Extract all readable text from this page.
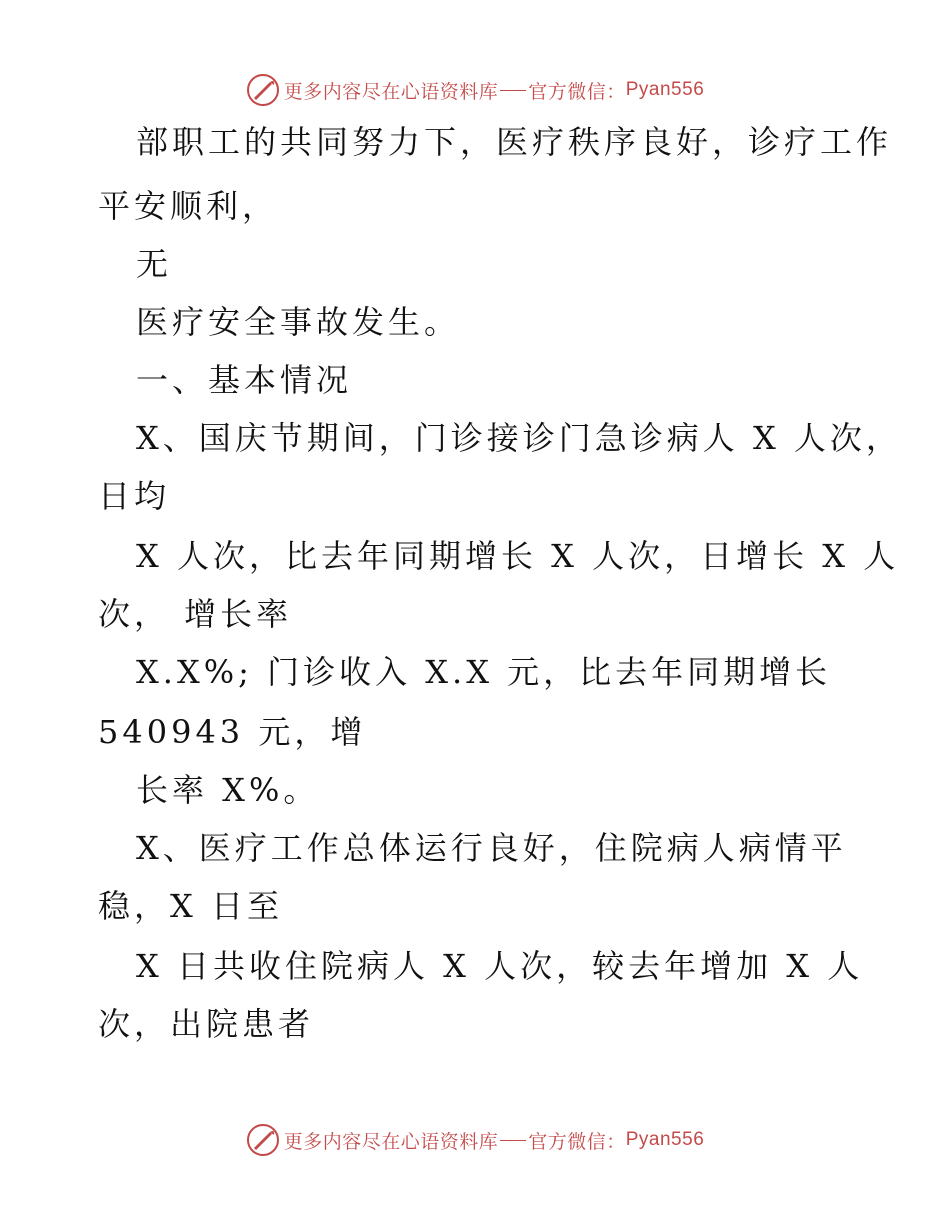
更多内容尽在心语资料库 官方微信： Pyan556
部职工的共同努力下，医疗秩序良好，诊疗工作
平安顺利，
无
医疗安全事故发生。
一、基本情况
X、国庆节期间，门诊接诊门急诊病人 X 人次，
日均
X 人次，比去年同期增长 X 人次，日增长 X 人
次， 增长率
X.X%; 门诊收入 X.X 元，比去年同期增长
540943 元，增
长率 X%。
X、医疗工作总体运行良好，住院病人病情平
稳，X 日至
X 日共收住院病人 X 人次，较去年增加 X 人
次，出院患者
更多内容尽在心语资料库 官方微信： Pyan556
